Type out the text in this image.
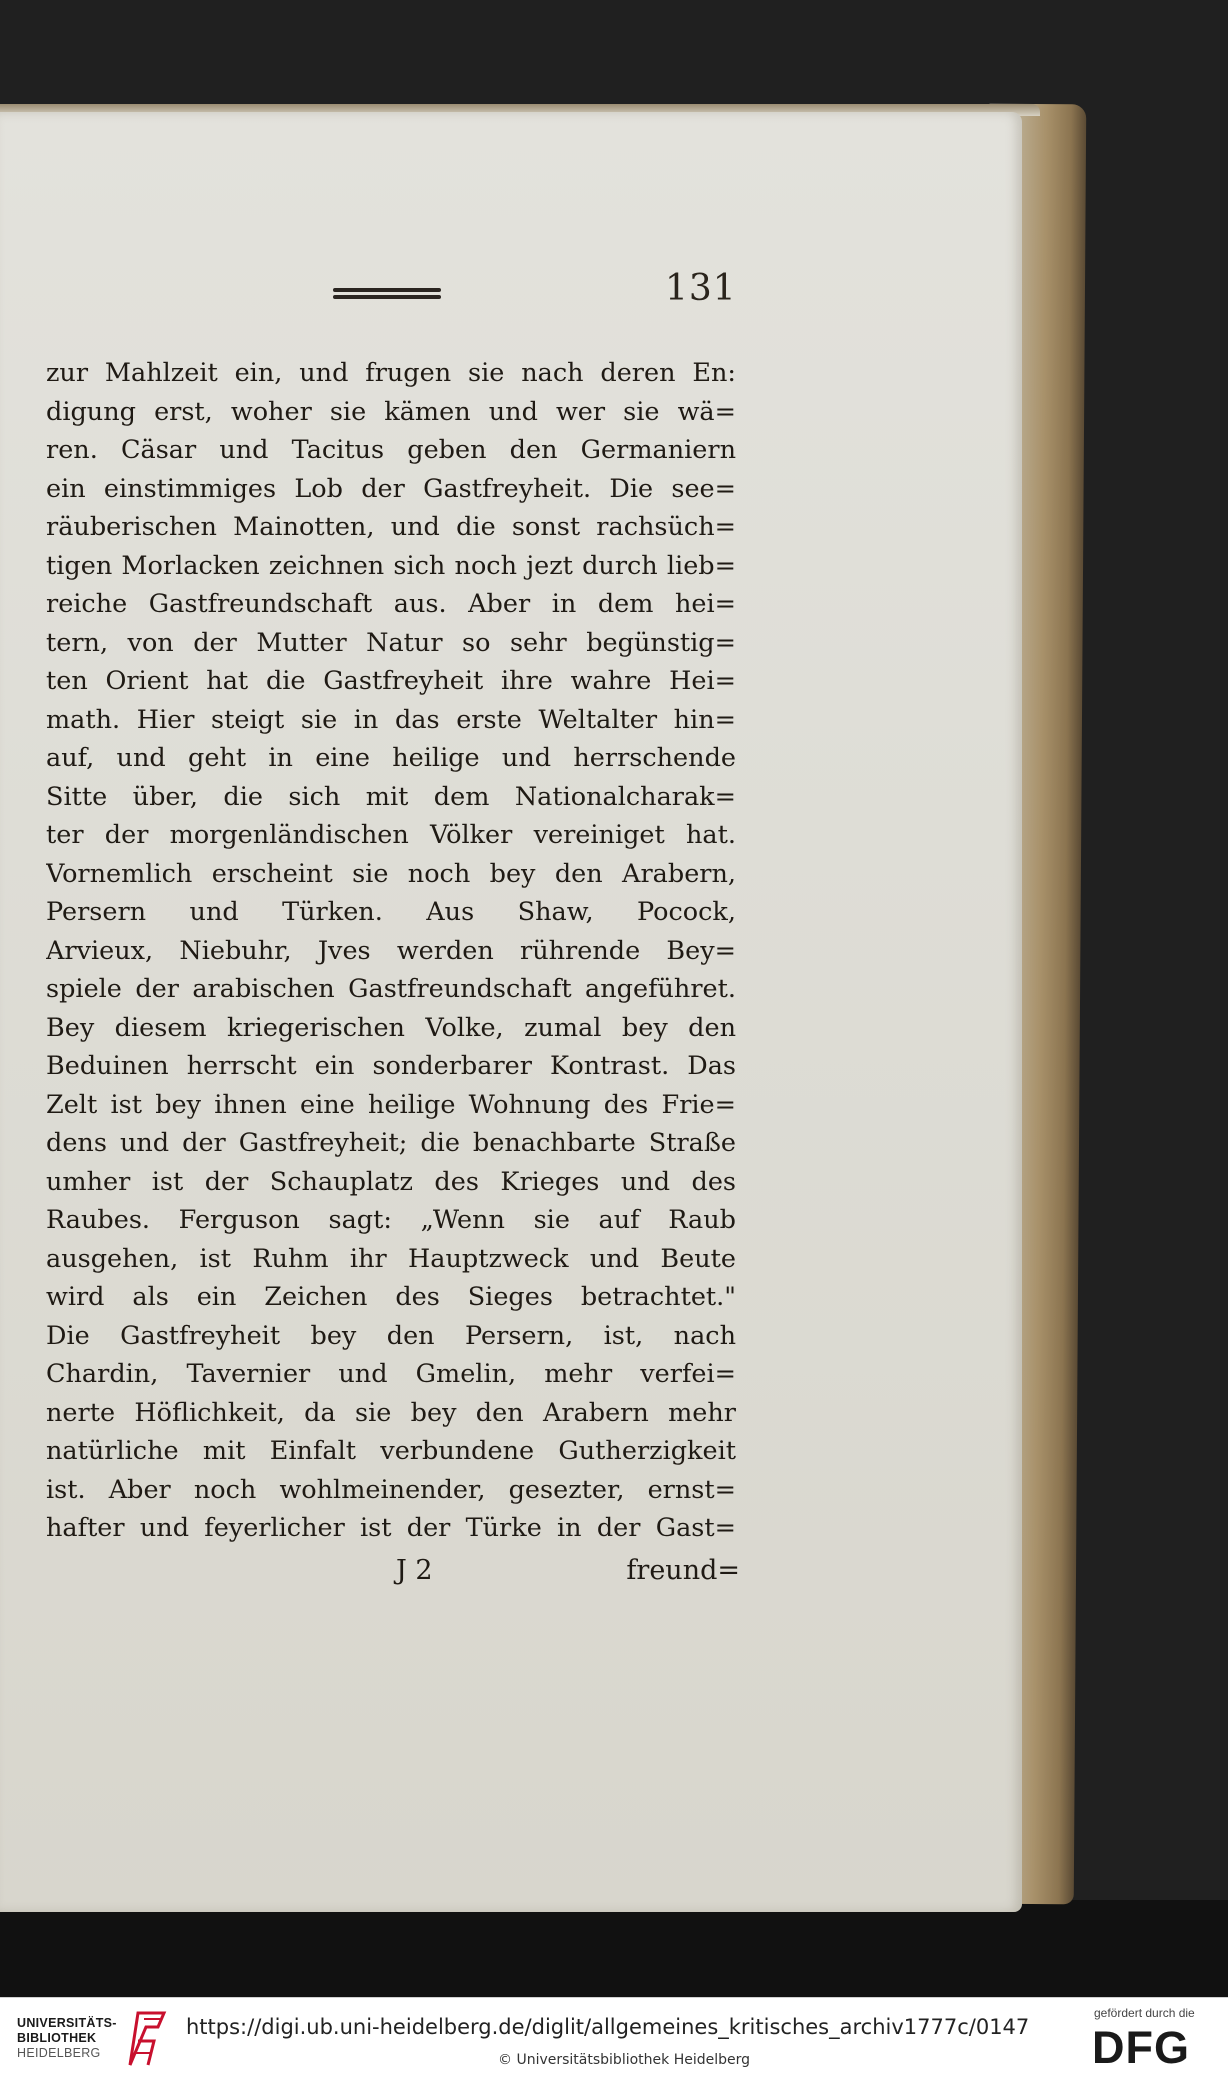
131
zur Mahlzeit ein, und frugen sie nach deren En:
digung erst, woher sie kämen und wer sie wä=
ren. Cäsar und Tacitus geben den Germaniern
ein einstimmiges Lob der Gastfreyheit. Die see=
räuberischen Mainotten, und die sonst rachsüch=
tigen Morlacken zeichnen sich noch jezt durch lieb=
reiche Gastfreundschaft aus. Aber in dem hei=
tern, von der Mutter Natur so sehr begünstig=
ten Orient hat die Gastfreyheit ihre wahre Hei=
math. Hier steigt sie in das erste Weltalter hin=
auf, und geht in eine heilige und herrschende
Sitte über, die sich mit dem Nationalcharak=
ter der morgenländischen Völker vereiniget hat.
Vornemlich erscheint sie noch bey den Arabern,
Persern und Türken. Aus Shaw, Pocock,
Arvieux, Niebuhr, Jves werden rührende Bey=
spiele der arabischen Gastfreundschaft angeführet.
Bey diesem kriegerischen Volke, zumal bey den
Beduinen herrscht ein sonderbarer Kontrast. Das
Zelt ist bey ihnen eine heilige Wohnung des Frie=
dens und der Gastfreyheit; die benachbarte Straße
umher ist der Schauplatz des Krieges und des
Raubes. Ferguson sagt: „Wenn sie auf Raub
ausgehen, ist Ruhm ihr Hauptzweck und Beute
wird als ein Zeichen des Sieges betrachtet."
Die Gastfreyheit bey den Persern, ist, nach
Chardin, Tavernier und Gmelin, mehr verfei=
nerte Höflichkeit, da sie bey den Arabern mehr
natürliche mit Einfalt verbundene Gutherzigkeit
ist. Aber noch wohlmeinender, gesezter, ernst=
hafter und feyerlicher ist der Türke in der Gast=
J 2	freund=
UNIVERSITÄTS-
BIBLIOTHEK
HEIDELBERG
https://digi.ub.uni-heidelberg.de/diglit/allgemeines_kritisches_archiv1777c/0147
© Universitätsbibliothek Heidelberg
gefördert durch die
DFG
